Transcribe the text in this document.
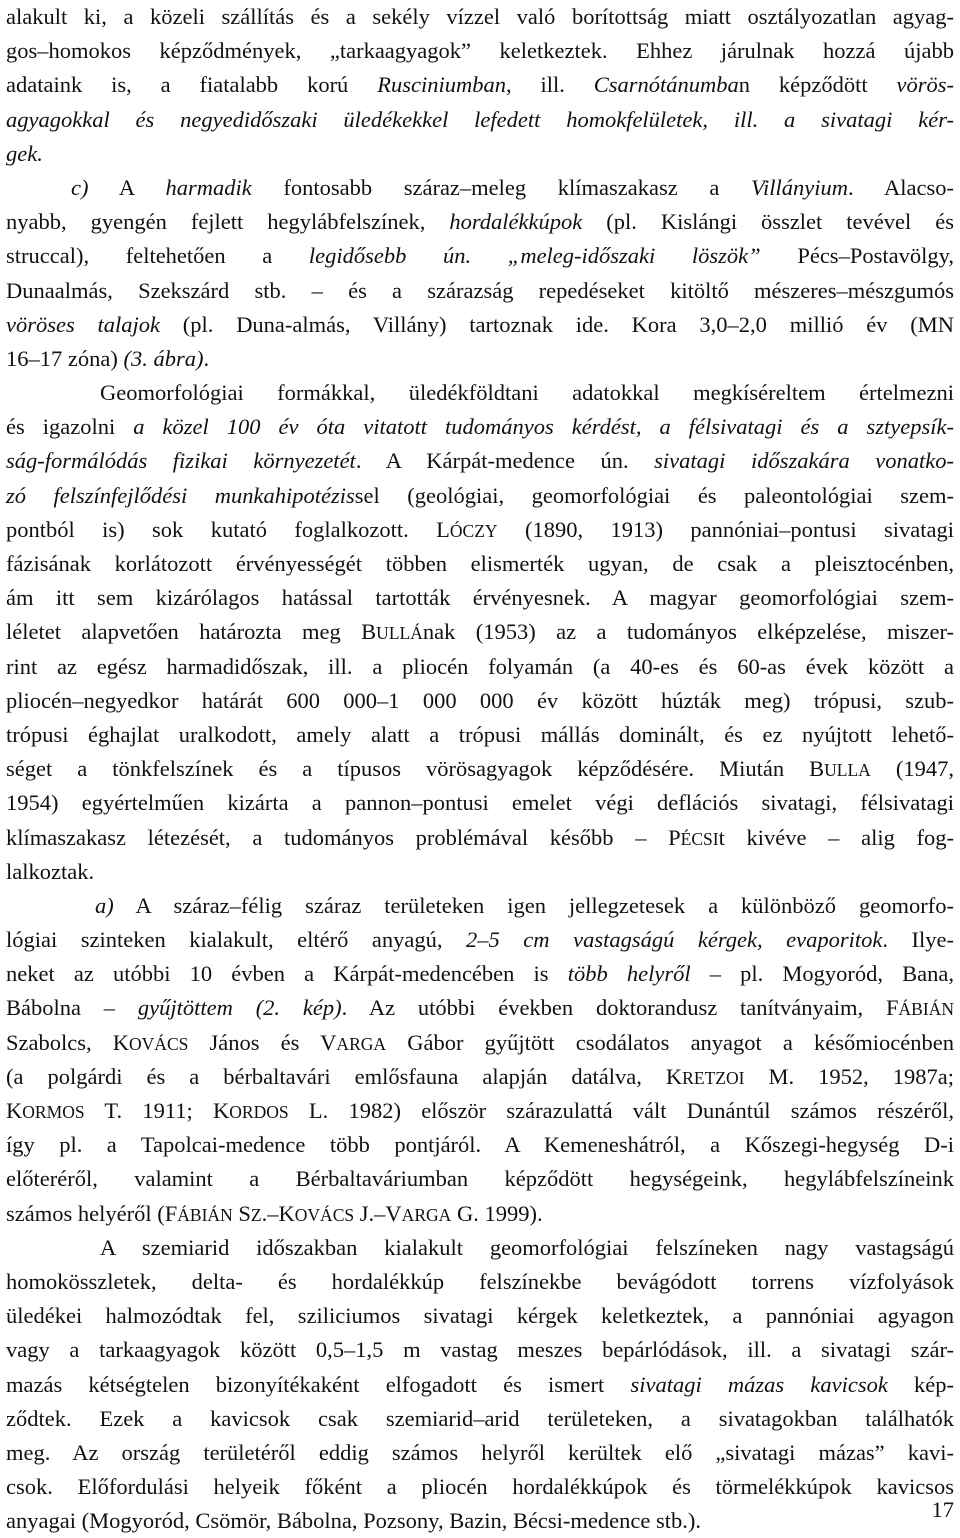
alakult ki, a közeli szállítás és a sekély vízzel való borítottság miatt osztályozatlan agyag-
gos–homokos képződmények, „tarkaagyagok” keletkeztek. Ehhez járulnak hozzá újabb
adataink is, a fiatalabb korú Rusciniumban, ill. Csarnótánumban képződött vörös-
agyagokkal és negyedidőszaki üledékekkel lefedett homokfelületek, ill. a sivatagi kér-
gek.
c) A harmadik fontosabb száraz–meleg klímaszakasz a Villányium. Alacso-
nyabb, gyengén fejlett hegylábfelszínek, hordalékkúpok (pl. Kislángi összlet tevével és
struccal), feltehetően a legidősebb ún. „meleg-időszaki löszök” Pécs–Postavölgy,
Dunaalmás, Szekszárd stb. – és a szárazság repedéseket kitöltő mészeres–mészgumós
vöröses talajok (pl. Duna-almás, Villány) tartoznak ide. Kora 3,0–2,0 millió év (MN
16–17 zóna) (3. ábra).
Geomorfológiai formákkal, üledékföldtani adatokkal megkíséreltem értelmezni
és igazolni a közel 100 év óta vitatott tudományos kérdést, a félsivatagi és a sztyepsík-
ság-formálódás fizikai környezetét. A Kárpát-medence ún. sivatagi időszakára vonatko-
zó felszínfejlődési munkahipotézissel (geológiai, geomorfológiai és paleontológiai szem-
pontból is) sok kutató foglalkozott. LÓCZY (1890, 1913) pannóniai–pontusi sivatagi
fázisának korlátozott érvényességét többen elismerték ugyan, de csak a pleisztocénben,
ám itt sem kizárólagos hatással tartották érvényesnek. A magyar geomorfológiai szem-
léletet alapvetően határozta meg BULLÁnak (1953) az a tudományos elképzelése, miszer-
rint az egész harmadidőszak, ill. a pliocén folyamán (a 40-es és 60-as évek között a
pliocén–negyedkor határát 600 000–1 000 000 év között húzták meg) trópusi, szub-
trópusi éghajlat uralkodott, amely alatt a trópusi mállás dominált, és ez nyújtott lehető-
séget a tönkfelszínek és a típusos vörösagyagok képződésére. Miután BULLA (1947,
1954) egyértelműen kizárta a pannon–pontusi emelet végi deflációs sivatagi, félsivatagi
klímaszakasz létezését, a tudományos problémával később – PÉCSIt kivéve – alig fog-
lalkoztak.
a) A száraz–félig száraz területeken igen jellegzetesek a különböző geomorfo-
lógiai szinteken kialakult, eltérő anyagú, 2–5 cm vastagságú kérgek, evaporitok. Ilye-
neket az utóbbi 10 évben a Kárpát-medencében is több helyről – pl. Mogyoród, Bana,
Bábolna – gyűjtöttem (2. kép). Az utóbbi években doktorandusz tanítványaim, FÁBIÁN
Szabolcs, KOVÁCS János és VARGA Gábor gyűjtött csodálatos anyagot a későmiocénben
(a polgárdi és a bérbaltavári emlősfauna alapján datálva, KRETZOI M. 1952, 1987a;
KORMOS T. 1911; KORDOS L. 1982) először szárazulattá vált Dunántúl számos részéről,
így pl. a Tapolcai-medence több pontjáról. A Kemeneshátról, a Kőszegi-hegység D-i
előteréről, valamint a Bérbaltaváriumban képződött hegységeink, hegylábfelszíneink
számos helyéről (FÁBIÁN SZ.–KOVÁCS J.–VARGA G. 1999).
A szemiarid időszakban kialakult geomorfológiai felszíneken nagy vastagságú
homokösszletek, delta- és hordalékkúp felszínekbe bevágódott torrens vízfolyások
üledékei halmozódtak fel, sziliciumos sivatagi kérgek keletkeztek, a pannóniai agyagon
vagy a tarkaagyagok között 0,5–1,5 m vastag meszes bepárlódások, ill. a sivatagi szár-
mazás kétségtelen bizonyítékaként elfogadott és ismert sivatagi mázas kavicsok kép-
ződtek. Ezek a kavicsok csak szemiarid–arid területeken, a sivatagokban találhatók
meg. Az ország területéről eddig számos helyről kerültek elő „sivatagi mázas” kavi-
csok. Előfordulási helyeik főként a pliocén hordalékkúpok és törmelékkúpok kavicsos
anyagai (Mogyoród, Csömör, Bábolna, Pozsony, Bazin, Bécsi-medence stb.).	17
